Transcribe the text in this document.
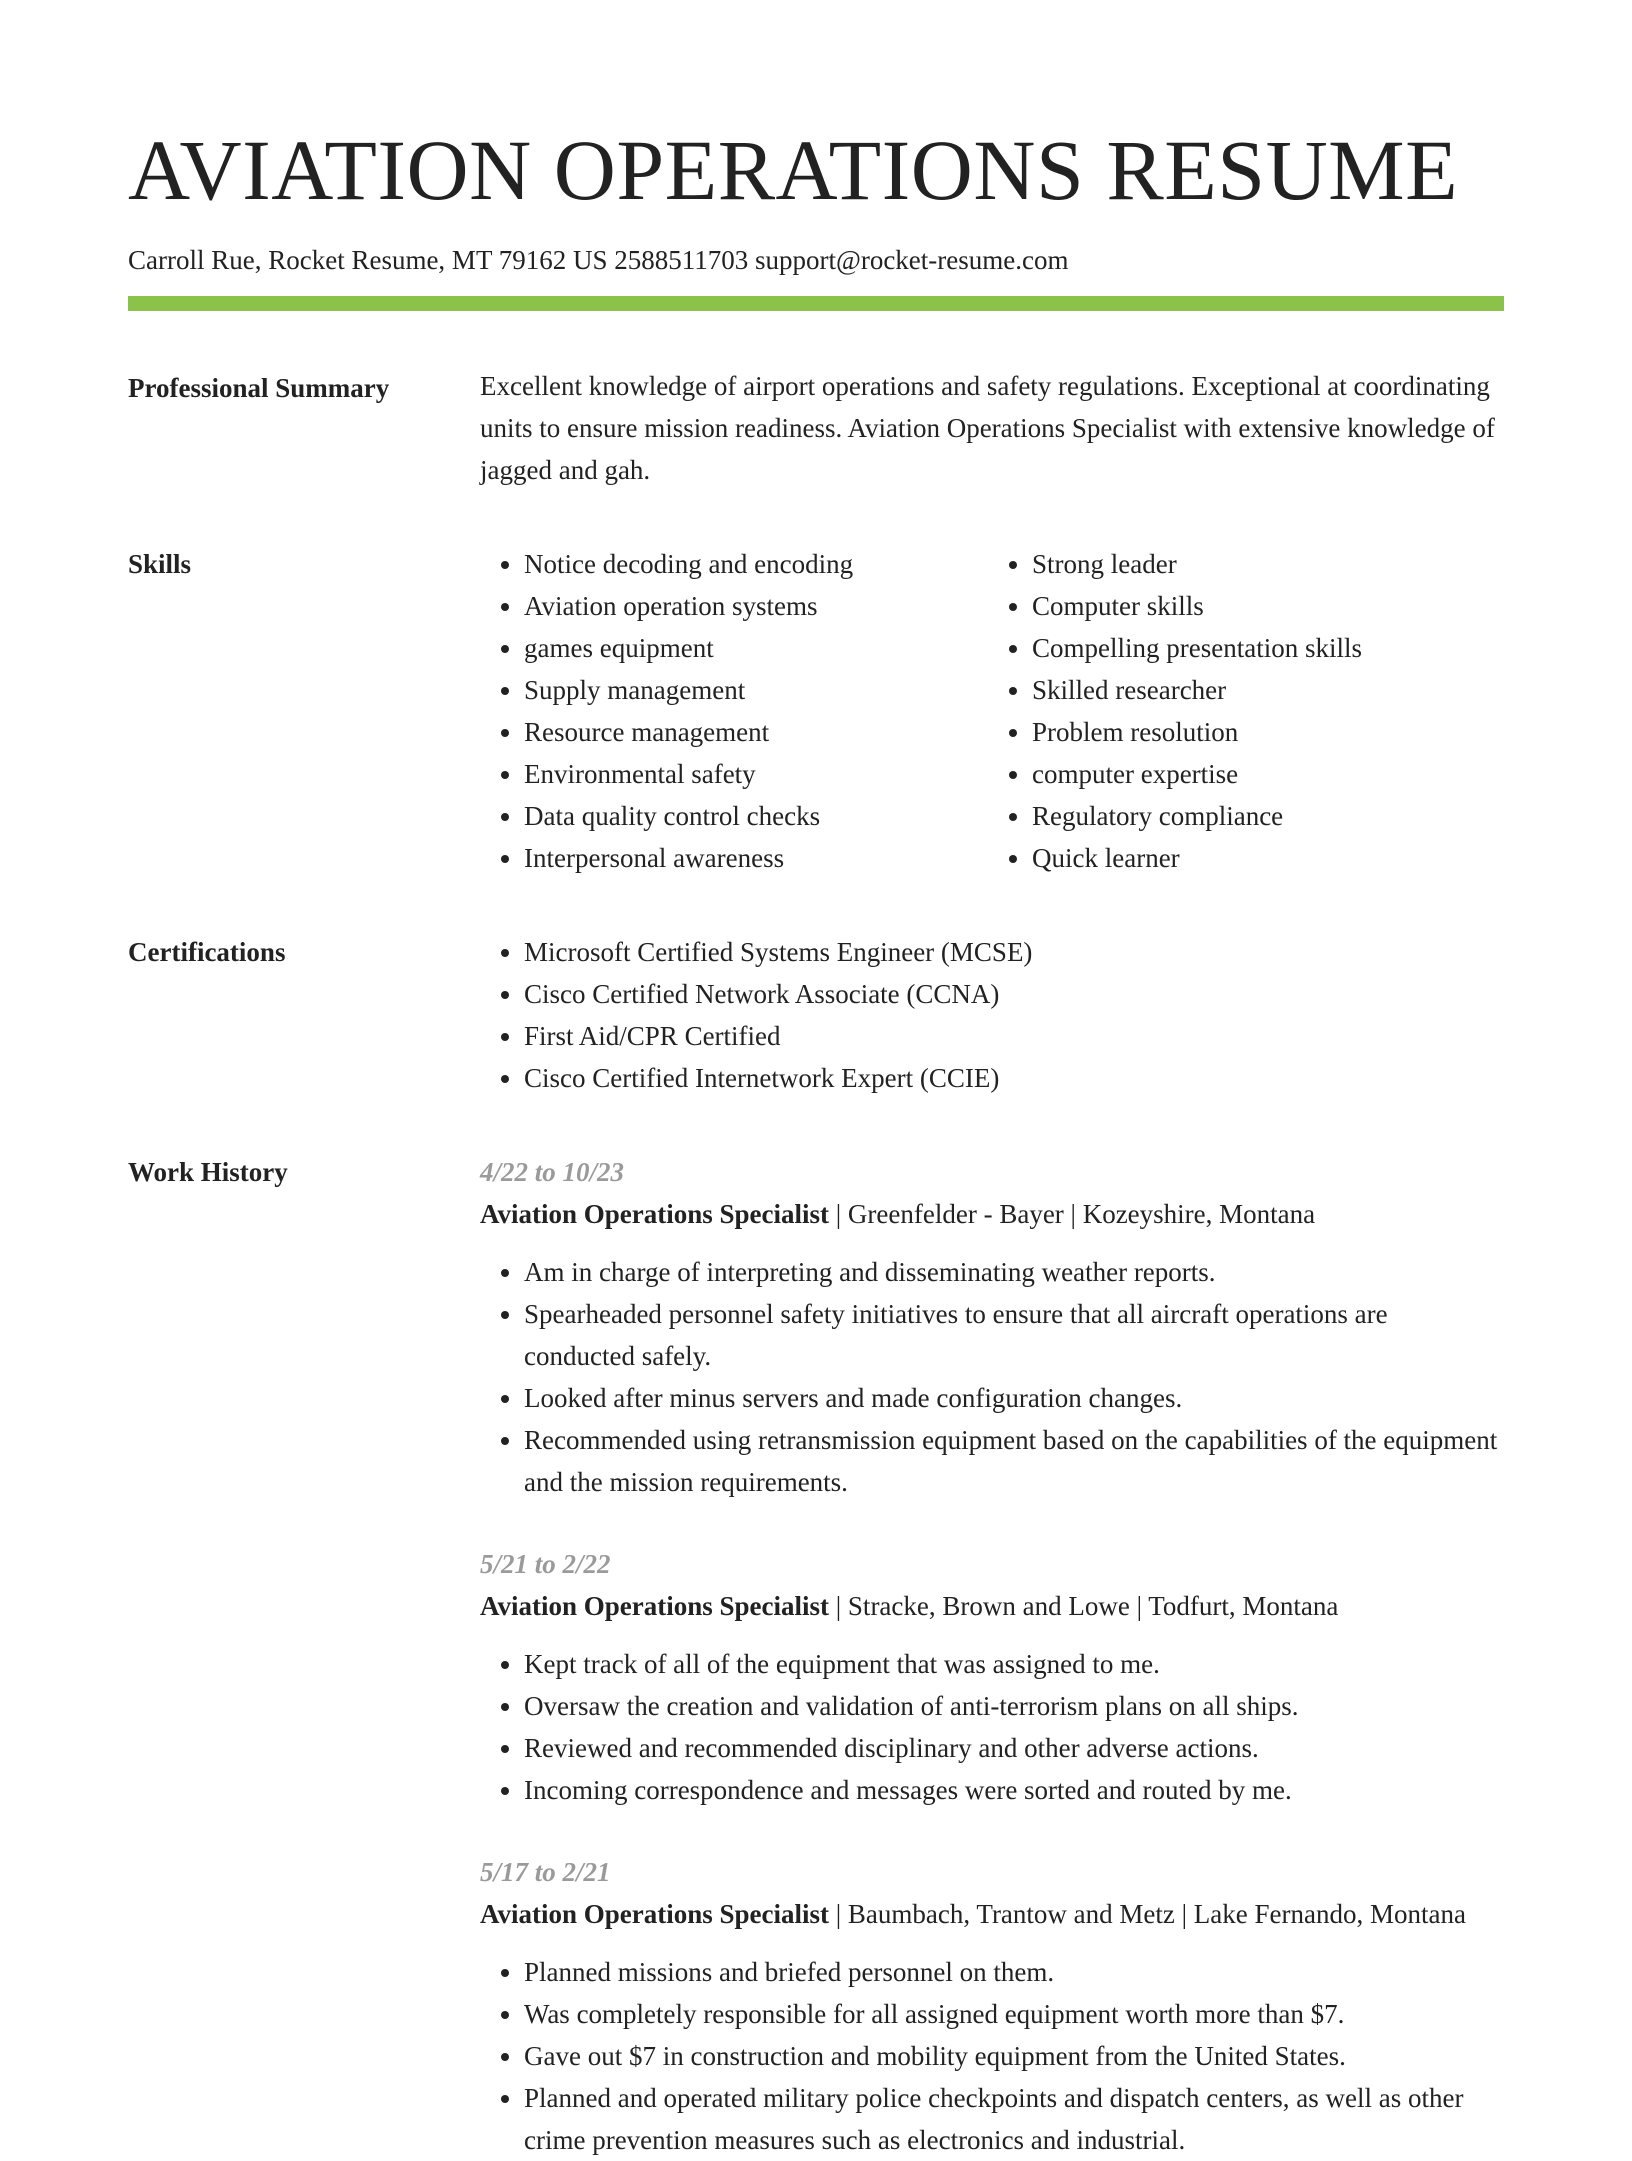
AVIATION OPERATIONS RESUME
Carroll Rue, Rocket Resume, MT 79162 US 2588511703 support@rocket-resume.com
Professional Summary	Excellent knowledge of airport operations and safety regulations. Exceptional at coordinating units to ensure mission readiness. Aviation Operations Specialist with extensive knowledge of jagged and gah.

Skills	• Notice decoding and encoding
• Aviation operation systems
• games equipment
• Supply management
• Resource management
• Environmental safety
• Data quality control checks
• Interpersonal awareness
• Strong leader
• Computer skills
• Compelling presentation skills
• Skilled researcher
• Problem resolution
• computer expertise
• Regulatory compliance
• Quick learner
Certifications	• Microsoft Certified Systems Engineer (MCSE)
• Cisco Certified Network Associate (CCNA)
• First Aid/CPR Certified
• Cisco Certified Internetwork Expert (CCIE)
Work History	4/22 to 10/23
Aviation Operations Specialist | Greenfelder - Bayer | Kozeyshire, Montana
• Am in charge of interpreting and disseminating weather reports.
• Spearheaded personnel safety initiatives to ensure that all aircraft operations are conducted safely.
• Looked after minus servers and made configuration changes.
• Recommended using retransmission equipment based on the capabilities of the equipment and the mission requirements.
5/21 to 2/22
Aviation Operations Specialist | Stracke, Brown and Lowe | Todfurt, Montana
• Kept track of all of the equipment that was assigned to me.
• Oversaw the creation and validation of anti-terrorism plans on all ships.
• Reviewed and recommended disciplinary and other adverse actions.
• Incoming correspondence and messages were sorted and routed by me.
5/17 to 2/21
Aviation Operations Specialist | Baumbach, Trantow and Metz | Lake Fernando, Montana
• Planned missions and briefed personnel on them.
• Was completely responsible for all assigned equipment worth more than $7.
• Gave out $7 in construction and mobility equipment from the United States.
• Planned and operated military police checkpoints and dispatch centers, as well as other crime prevention measures such as electronics and industrial.
